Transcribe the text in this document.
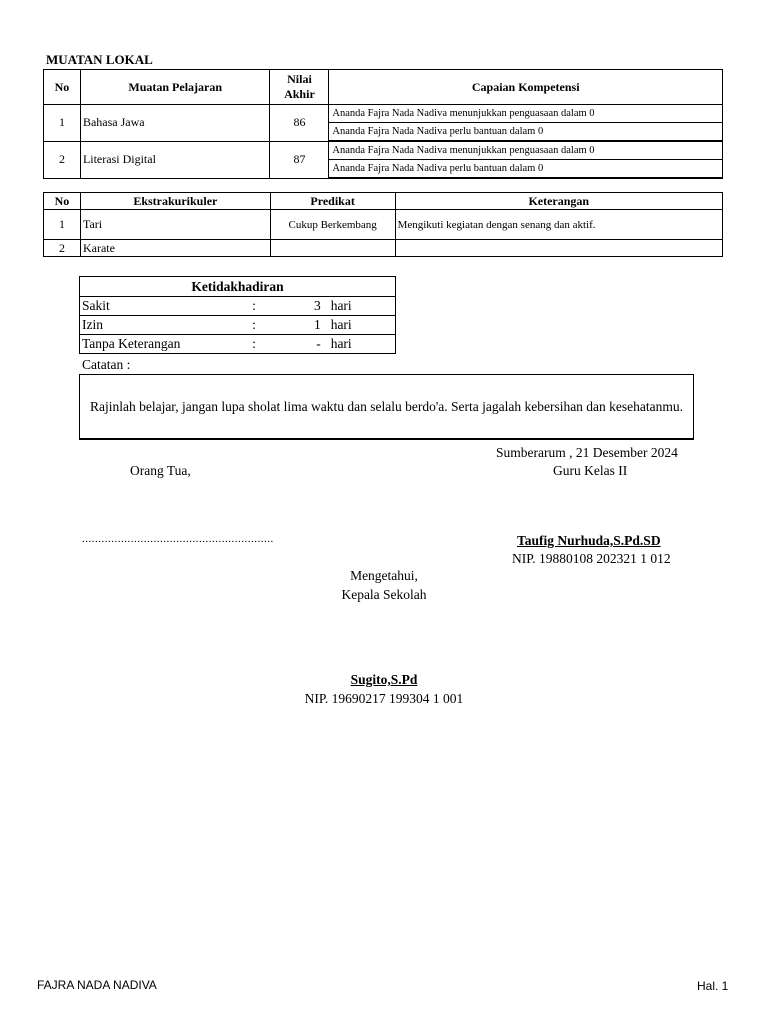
MUATAN LOKAL
No	Muatan Pelajaran	Nilai Akhir	Capaian Kompetensi
1	Bahasa Jawa	86	Ananda Fajra Nada Nadiva menunjukkan penguasaan dalam 0
			Ananda Fajra Nada Nadiva perlu bantuan dalam 0
2	Literasi Digital	87	Ananda Fajra Nada Nadiva menunjukkan penguasaan dalam 0
			Ananda Fajra Nada Nadiva perlu bantuan dalam 0
No	Ekstrakurikuler	Predikat	Keterangan
1	Tari	Cukup Berkembang	Mengikuti kegiatan dengan senang dan aktif.
2	Karate		
Ketidakhadiran			
Sakit	:	3	hari
Izin	:	1	hari
Tanpa Keterangan	:	-	hari
Catatan :
Rajinlah belajar, jangan lupa sholat lima waktu dan selalu berdo'a. Serta jagalah kebersihan dan kesehatanmu.
Sumberarum , 21 Desember 2024
Orang Tua,	Guru Kelas II
...........................................................	Taufig Nurhuda,S.Pd.SD
NIP. 19880108 202321 1 012
Mengetahui,
Kepala Sekolah
Sugito,S.Pd
NIP. 19690217 199304 1 001
FAJRA NADA NADIVA	Hal. 1
